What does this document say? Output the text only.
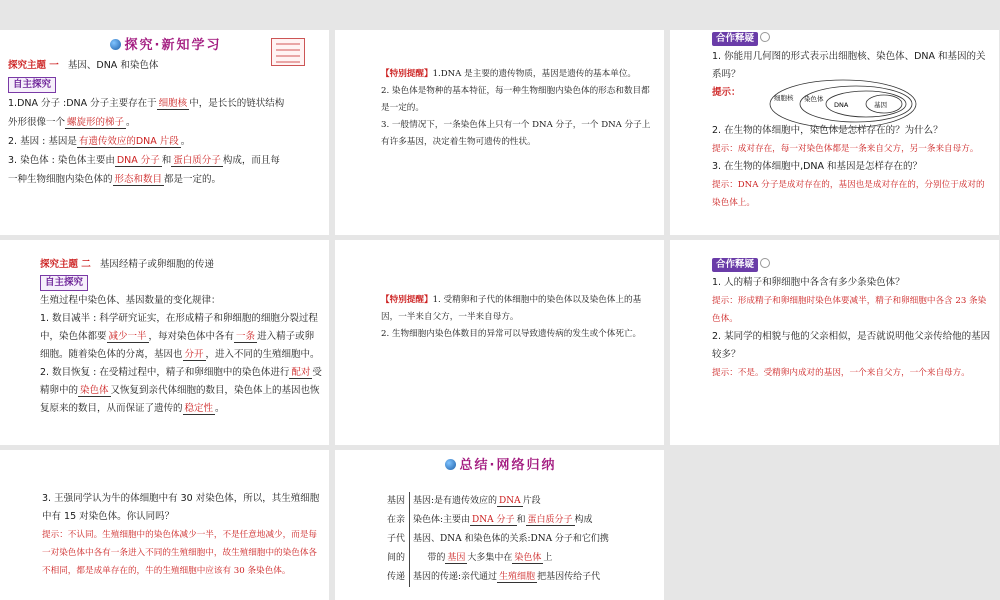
探究·新知学习

探究主题 一 基因、DNA 和染色体

自主探究

1.DNA 分子 :DNA 分子主要存在于 细胞核 中，是长长的链状结构
外形很像一个 螺旋形的梯子 。

2. 基因 : 基因是 有遗传效应的DNA 片段 。

3. 染色体 : 染色体主要由 DNA 分子 和 蛋白质分子 构成，而且每
一种生物细胞内染色体的 形态和数目 都是一定的。

【特别提醒】1.DNA 是主要的遗传物质，基因是遗传的基本单位。

2. 染色体是物种的基本特征，每一种生物细胞内染色体的形态和数目都是一定的。

3. 一般情况下，一条染色体上只有一个 DNA 分子，一个 DNA 分子上有许多基因，决定着生物可遗传的性状。

合作释疑

1. 你能用几何图的形式表示出细胞核、染色体、DNA 和基因的关系吗？

提示：	细胞核 染色体
DNA	基因

2. 在生物的体细胞中，染色体是怎样存在的？为什么？

提示：成对存在，每一对染色体都是一条来自父方，另一条来自母方。

3. 在生物的体细胞中,DNA 和基因是怎样存在的？

提示：DNA 分子是成对存在的，基因也是成对存在的，分别位于成对的染色体上。

探究主题 二 基因经精子或卵细胞的传递

自主探究

生殖过程中染色体、基因数量的变化规律：

1. 数目减半 : 科学研究证实，在形成精子和卵细胞的细胞分裂过程中，染色体都要 减少一半 ，每对染色体中各有 一条 进入精子或卵细胞。随着染色体的分离，基因也 分开 ，进入不同的生殖细胞中。

2. 数目恢复 : 在受精过程中，精子和卵细胞中的染色体进行 配对 受精卵中的 染色体 又恢复到亲代体细胞的数目，染色体上的基因也恢复原来的数目，从而保证了遗传的 稳定性 。

【特别提醒】1. 受精卵和子代的体细胞中的染色体以及染色体上的基因，一半来自父方，一半来自母方。

2. 生物细胞内染色体数目的异常可以导致遗传病的发生或个体死亡。

合作释疑

1. 人的精子和卵细胞中各含有多少条染色体？

提示：形成精子和卵细胞时染色体要减半，精子和卵细胞中各含 23 条染色体。

2. 某同学的相貌与他的父亲相似，是否就说明他父亲传给他的基因较多？

提示：不是。受精卵内成对的基因，一个来自父方，一个来自母方。

3. 王强同学认为牛的体细胞中有 30 对染色体，所以，其生殖细胞中有 15 对染色体。你认同吗？

提示：不认同。生殖细胞中的染色体减少一半，不是任意地减少，而是每一对染色体中各有一条进入不同的生殖细胞中，故生殖细胞中的染色体各不相同，都是成单存在的，牛的生殖细胞中应该有 30 条染色体。

总结·网络归纳
基因
在亲
子代
间的
传递
基因:是有遗传效应的 DNA 片段
染色体:主要由 DNA 分子 和 蛋白质分子 构成
基因、DNA 和染色体的关系:DNA 分子和它们携
带的 基因 大多集中在 染色体 上
基因的传递:亲代通过 生殖细胞 把基因传给子代
